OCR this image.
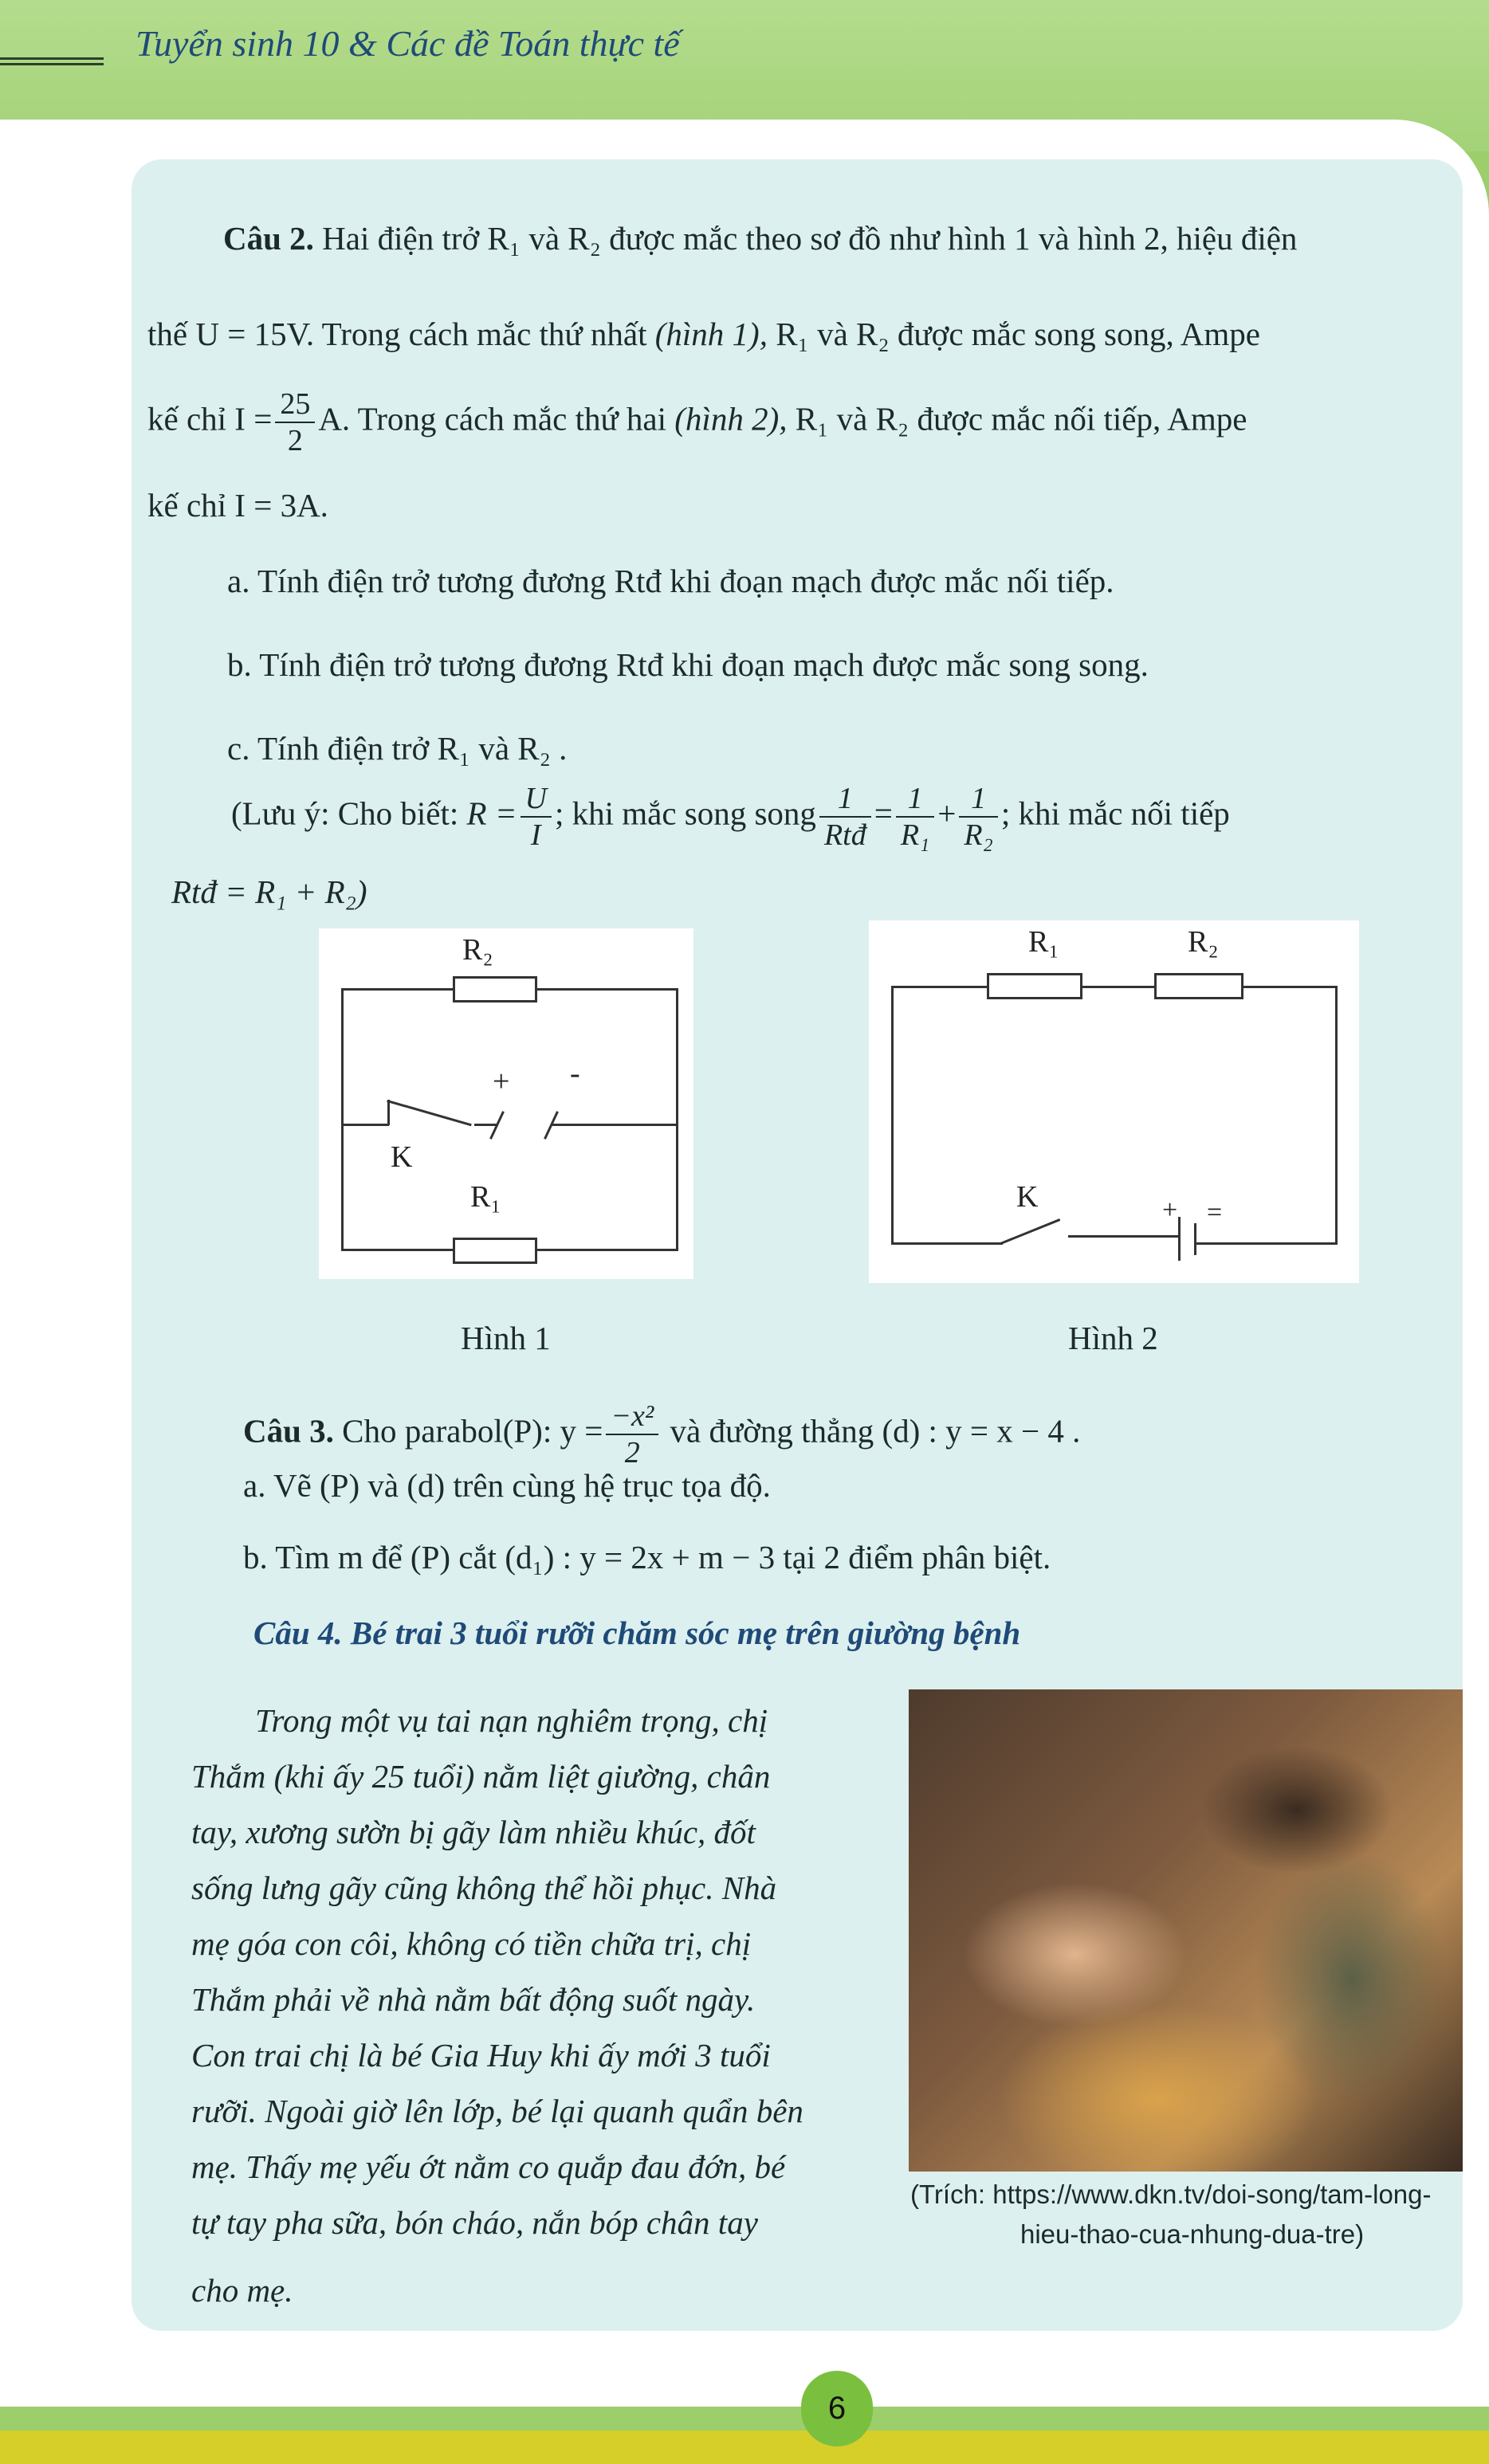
Tuyển sinh 10 & Các đề Toán thực tế
Câu 2. Hai điện trở R₁ và R₂ được mắc theo sơ đồ như hình 1 và hình 2, hiệu điện
thế U = 15V. Trong cách mắc thứ nhất (hình 1), R₁ và R₂ được mắc song song, Ampe
kế chỉ $I = \frac{25}{2} A$. Trong cách mắc thứ hai (hình 2), R₁ và R₂ được mắc nối tiếp, Ampe
kế chỉ I = 3A.
a. Tính điện trở tương đương Rtđ khi đoạn mạch được mắc nối tiếp.
b. Tính điện trở tương đương Rtđ khi đoạn mạch được mắc song song.
c. Tính điện trở R₁ và R₂ .
(Lưu ý: Cho biết: $R = \frac{U}{I}$ ; khi mắc song song $\frac{1}{\text{Rtđ}} = \frac{1}{\text{R₁}} + \frac{1}{\text{R₂}}$ ; khi mắc nối tiếp
Rtđ = R₁ + R₂)
R₂
+ -
K
R₁
Hình 1
R₁	R₂
K	+ =
Hình 2
Câu 3. Cho parabol(P): $y = \frac{\text{−x²}}{2}$ và đường thẳng (d) : y = x − 4 .
a. Vẽ (P) và (d) trên cùng hệ trục tọa độ.
b. Tìm m để (P) cắt (d₁) : y = 2x + m − 3 tại 2 điểm phân biệt.
Câu 4. Bé trai 3 tuổi rưỡi chăm sóc mẹ trên giường bệnh
Trong một vụ tai nạn nghiêm trọng, chị
Thắm (khi ấy 25 tuổi) nằm liệt giường, chân
tay, xương sườn bị gãy làm nhiều khúc, đốt
sống lưng gãy cũng không thể hồi phục. Nhà
mẹ góa con côi, không có tiền chữa trị, chị
Thắm phải về nhà nằm bất động suốt ngày.
Con trai chị là bé Gia Huy khi ấy mới 3 tuổi
rưỡi. Ngoài giờ lên lớp, bé lại quanh quẩn bên
mẹ. Thấy mẹ yếu ớt nằm co quắp đau đớn, bé
tự tay pha sữa, bón cháo, nắn bóp chân tay
cho mẹ.
(Trích: https://www.dkn.tv/doi-song/tam-long-
hieu-thao-cua-nhung-dua-tre)
6
